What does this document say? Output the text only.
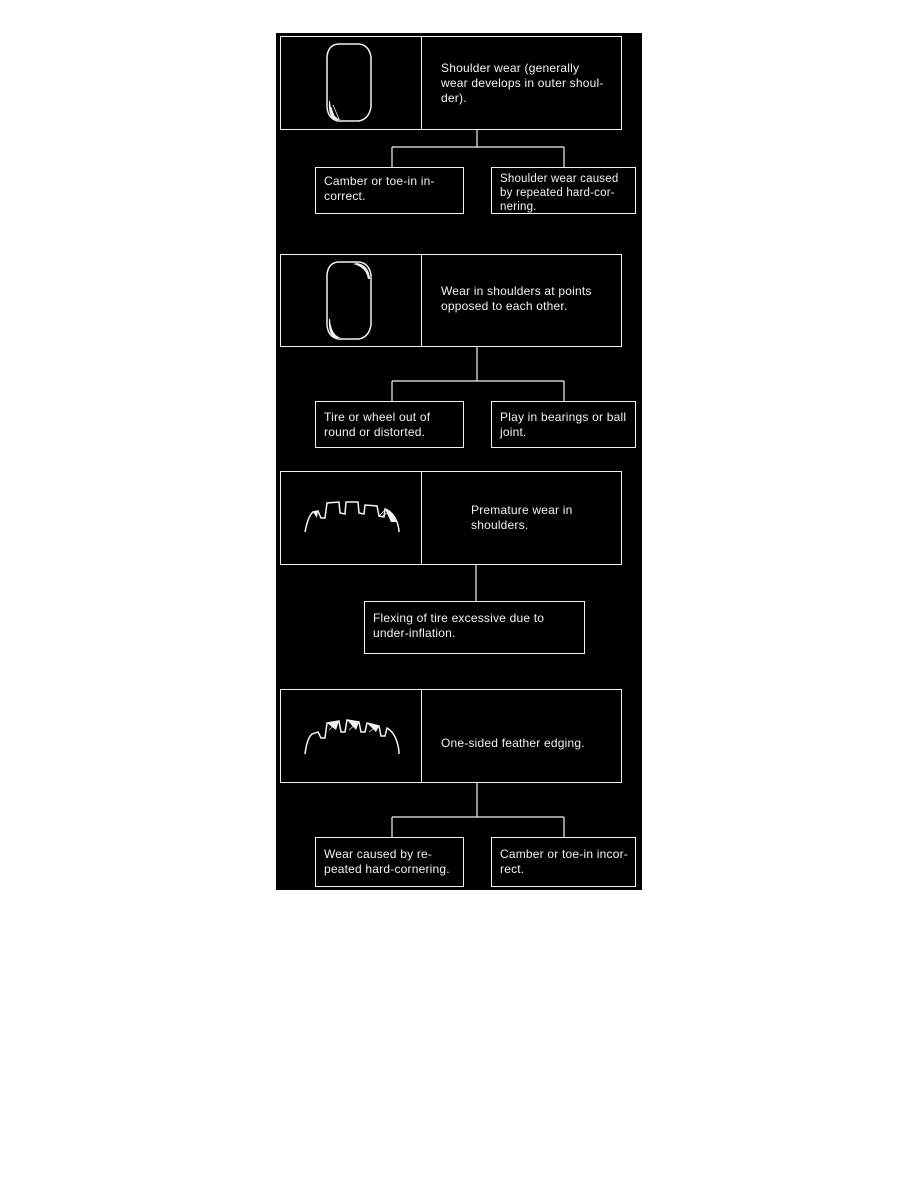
Shoulder wear (generally
wear develops in outer shoul-
der).

Camber or toe-in in-
correct.

Shoulder wear caused
by repeated hard-cor-
nering.

Wear in shoulders at points
opposed to each other.

Tire or wheel out of
round or distorted.

Play in bearings or ball
joint.

Premature wear in
shoulders.

Flexing of tire excessive due to
under-inflation.

One-sided feather edging.

Wear caused by re-
peated hard-cornering.

Camber or toe-in incor-
rect.
